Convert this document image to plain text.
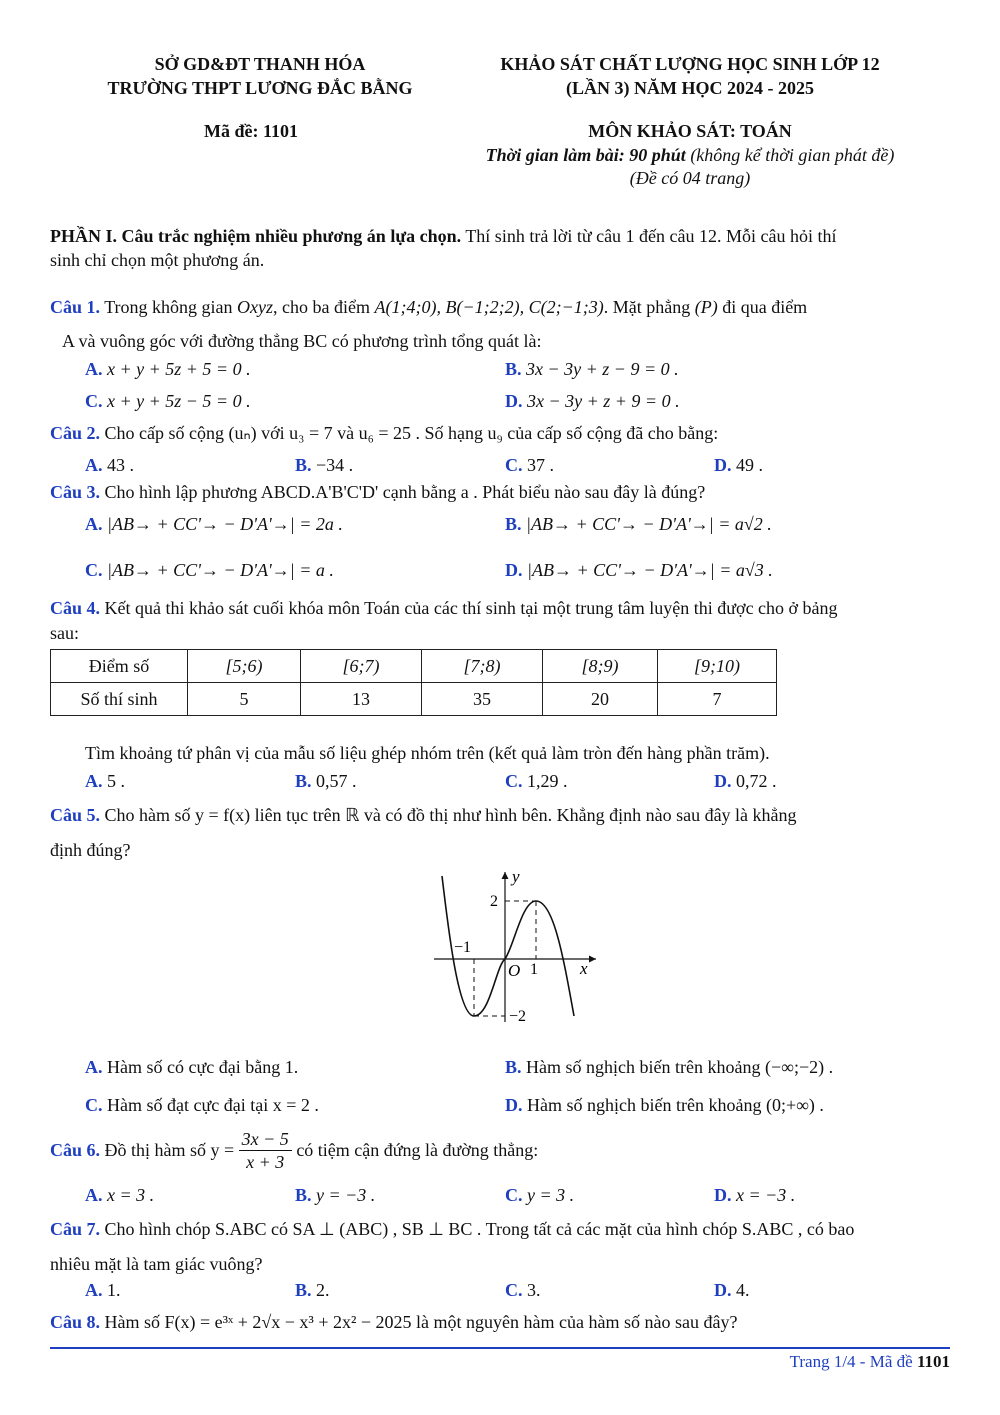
SỞ GD&ĐT THANH HÓA
TRƯỜNG THPT LƯƠNG ĐẮC BẰNG
KHẢO SÁT CHẤT LƯỢNG HỌC SINH LỚP 12
(LẦN 3) NĂM HỌC 2024 - 2025
Mã đề: 1101	MÔN KHẢO SÁT: TOÁN
Thời gian làm bài: 90 phút (không kể thời gian phát đề)
(Đề có 04 trang)
PHẦN I. Câu trắc nghiệm nhiều phương án lựa chọn. Thí sinh trả lời từ câu 1 đến câu 12. Mỗi câu hỏi thí
sinh chỉ chọn một phương án.
Câu 1. Trong không gian Oxyz, cho ba điểm A(1;4;0), B(−1;2;2), C(2;−1;3). Mặt phẳng (P) đi qua điểm
A và vuông góc với đường thẳng BC có phương trình tổng quát là:
A. x + y + 5z + 5 = 0 .	B. 3x − 3y + z − 9 = 0 .
C. x + y + 5z − 5 = 0 .	D. 3x − 3y + z + 9 = 0 .
Câu 2. Cho cấp số cộng (uₙ) với u₃ = 7 và u₆ = 25 . Số hạng u₉ của cấp số cộng đã cho bằng:
A. 43 .	B. −34 .	C. 37 .	D. 49 .
Câu 3. Cho hình lập phương ABCD.A'B'C'D' cạnh bằng a . Phát biểu nào sau đây là đúng?
A. |AB→ + CC'→ − D'A'→| = 2a .	B. |AB→ + CC'→ − D'A'→| = a√2 .
C. |AB→ + CC'→ − D'A'→| = a .	D. |AB→ + CC'→ − D'A'→| = a√3 .
Câu 4. Kết quả thi khảo sát cuối khóa môn Toán của các thí sinh tại một trung tâm luyện thi được cho ở bảng
sau:
Điểm số	[5;6)	[6;7)	[7;8)	[8;9)	[9;10)
Số thí sinh	5	13	35	20	7
Tìm khoảng tứ phân vị của mẫu số liệu ghép nhóm trên (kết quả làm tròn đến hàng phần trăm).
A. 5 .	B. 0,57 .	C. 1,29 .	D. 0,72 .
Câu 5. Cho hàm số y = f(x) liên tục trên ℝ và có đồ thị như hình bên. Khẳng định nào sau đây là khẳng
định đúng?
y
x
O
2
−1
1
−2
A. Hàm số có cực đại bằng 1.	B. Hàm số nghịch biến trên khoảng (−∞;−2) .
C. Hàm số đạt cực đại tại x = 2 .	D. Hàm số nghịch biến trên khoảng (0;+∞) .
Câu 6. Đồ thị hàm số $y = \frac{3x - 5}{x + 3}$ có tiệm cận đứng là đường thẳng:
A. x = 3 .	B. y = −3 .	C. y = 3 .	D. x = −3 .
Câu 7. Cho hình chóp S.ABC có SA ⊥ (ABC) , SB ⊥ BC . Trong tất cả các mặt của hình chóp S.ABC , có bao
nhiêu mặt là tam giác vuông?
A. 1.	B. 2.	C. 3.	D. 4.
Câu 8. Hàm số F(x) = e³ˣ + 2√x − x³ + 2x² − 2025 là một nguyên hàm của hàm số nào sau đây?
Trang 1/4 - Mã đề 1101
